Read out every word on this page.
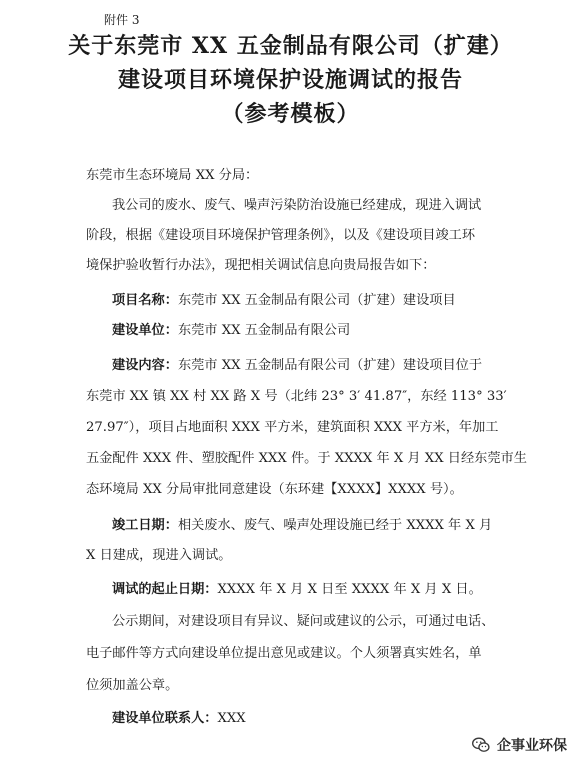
附件 3
关于东莞市 XX 五金制品有限公司（扩建）
建设项目环境保护设施调试的报告
（参考模板）
东莞市生态环境局 XX 分局：
我公司的废水、废气、噪声污染防治设施已经建成，现进入调试
阶段，根据《建设项目环境保护管理条例》，以及《建设项目竣工环
境保护验收暂行办法》，现把相关调试信息向贵局报告如下：
项目名称：东莞市 XX 五金制品有限公司（扩建）建设项目
建设单位：东莞市 XX 五金制品有限公司
建设内容：东莞市 XX 五金制品有限公司（扩建）建设项目位于
东莞市 XX 镇 XX 村 XX 路 X 号（北纬 23° 3′ 41.87″，东经 113° 33′
27.97″），项目占地面积 XXX 平方米，建筑面积 XXX 平方米，年加工
五金配件 XXX 件、塑胶配件 XXX 件。于 XXXX 年 X 月 XX 日经东莞市生
态环境局 XX 分局审批同意建设（东环建【XXXX】XXXX 号）。
竣工日期：相关废水、废气、噪声处理设施已经于 XXXX 年 X 月
X 日建成，现进入调试。
调试的起止日期：XXXX 年 X 月 X 日至 XXXX 年 X 月 X 日。
公示期间，对建设项目有异议、疑问或建议的公示，可通过电话、
电子邮件等方式向建设单位提出意见或建议。个人须署真实姓名，单
位须加盖公章。
建设单位联系人：XXX
企事业环保
